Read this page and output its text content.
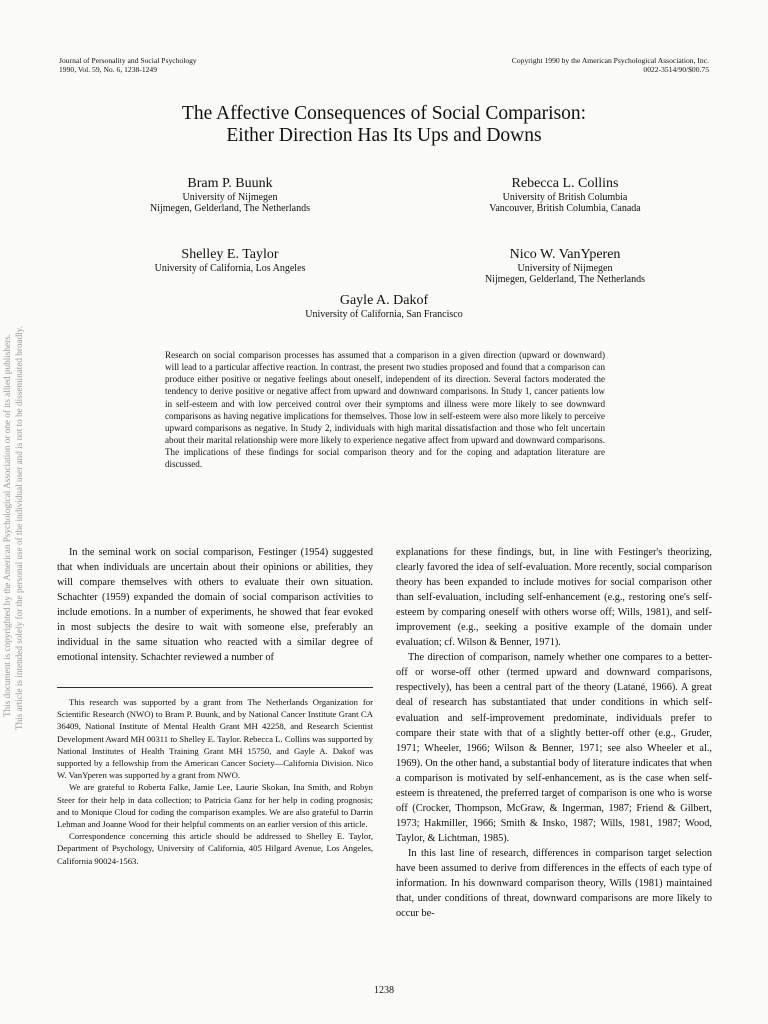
Journal of Personality and Social Psychology
1990, Vol. 59, No. 6, 1238-1249
Copyright 1990 by the American Psychological Association, Inc.
0022-3514/90/$00.75
The Affective Consequences of Social Comparison:
Either Direction Has Its Ups and Downs
Bram P. Buunk
University of Nijmegen
Nijmegen, Gelderland, The Netherlands
Rebecca L. Collins
University of British Columbia
Vancouver, British Columbia, Canada
Shelley E. Taylor
University of California, Los Angeles
Nico W. VanYperen
University of Nijmegen
Nijmegen, Gelderland, The Netherlands
Gayle A. Dakof
University of California, San Francisco
Research on social comparison processes has assumed that a comparison in a given direction (upward or downward) will lead to a particular affective reaction. In contrast, the present two studies proposed and found that a comparison can produce either positive or negative feelings about oneself, independent of its direction. Several factors moderated the tendency to derive positive or negative affect from upward and downward comparisons. In Study 1, cancer patients low in self-esteem and with low perceived control over their symptoms and illness were more likely to see downward comparisons as having negative implications for themselves. Those low in self-esteem were also more likely to perceive upward comparisons as negative. In Study 2, individuals with high marital dissatisfaction and those who felt uncertain about their marital relationship were more likely to experience negative affect from upward and downward comparisons. The implications of these findings for social comparison theory and for the coping and adaptation literature are discussed.

In the seminal work on social comparison, Festinger (1954) suggested that when individuals are uncertain about their opinions or abilities, they will compare themselves with others to evaluate their own situation. Schachter (1959) expanded the domain of social comparison activities to include emotions. In a number of experiments, he showed that fear evoked in most subjects the desire to wait with someone else, preferably an individual in the same situation who reacted with a similar degree of emotional intensity. Schachter reviewed a number of

This research was supported by a grant from The Netherlands Organization for Scientific Research (NWO) to Bram P. Buunk, and by National Cancer Institute Grant CA 36409, National Institute of Mental Health Grant MH 42258, and Research Scientist Development Award MH 00311 to Shelley E. Taylor. Rebecca L. Collins was supported by National Institutes of Health Training Grant MH 15750, and Gayle A. Dakof was supported by a fellowship from the American Cancer Society—California Division. Nico W. VanYperen was supported by a grant from NWO.

We are grateful to Roberta Falke, Jamie Lee, Laurie Skokan, Ina Smith, and Robyn Steer for their help in data collection; to Patricia Ganz for her help in coding prognosis; and to Monique Cloud for coding the comparison examples. We are also grateful to Darrin Lehman and Joanne Wood for their helpful comments on an earlier version of this article.

Correspondence concerning this article should be addressed to Shelley E. Taylor, Department of Psychology, University of California, 405 Hilgard Avenue, Los Angeles, California 90024-1563.

explanations for these findings, but, in line with Festinger's theorizing, clearly favored the idea of self-evaluation. More recently, social comparison theory has been expanded to include motives for social comparison other than self-evaluation, including self-enhancement (e.g., restoring one's self-esteem by comparing oneself with others worse off; Wills, 1981), and self-improvement (e.g., seeking a positive example of the domain under evaluation; cf. Wilson & Benner, 1971).

The direction of comparison, namely whether one compares to a better-off or worse-off other (termed upward and downward comparisons, respectively), has been a central part of the theory (Latané, 1966). A great deal of research has substantiated that under conditions in which self-evaluation and self-improvement predominate, individuals prefer to compare their state with that of a slightly better-off other (e.g., Gruder, 1971; Wheeler, 1966; Wilson & Benner, 1971; see also Wheeler et al., 1969). On the other hand, a substantial body of literature indicates that when a comparison is motivated by self-enhancement, as is the case when self-esteem is threatened, the preferred target of comparison is one who is worse off (Crocker, Thompson, McGraw, & Ingerman, 1987; Friend & Gilbert, 1973; Hakmiller, 1966; Smith & Insko, 1987; Wills, 1981, 1987; Wood, Taylor, & Lichtman, 1985).

In this last line of research, differences in comparison target selection have been assumed to derive from differences in the effects of each type of information. In his downward comparison theory, Wills (1981) maintained that, under conditions of threat, downward comparisons are more likely to occur be-

1238
This document is copyrighted by the American Psychological Association or one of its allied publishers. This article is intended solely for the personal use of the individual user and is not to be disseminated broadly.
